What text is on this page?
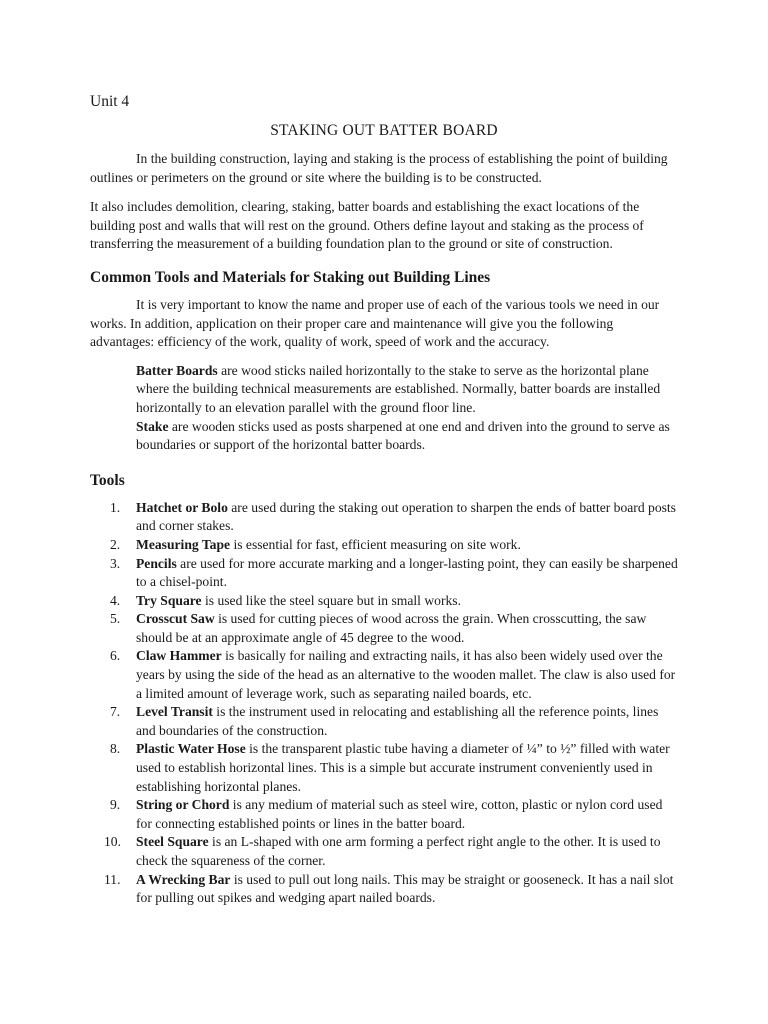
Unit 4
STAKING OUT BATTER BOARD

In the building construction, laying and staking is the process of establishing the point of building outlines or perimeters on the ground or site where the building is to be constructed.

It also includes demolition, clearing, staking, batter boards and establishing the exact locations of the building post and walls that will rest on the ground. Others define layout and staking as the process of transferring the measurement of a building foundation plan to the ground or site of construction.

Common Tools and Materials for Staking out Building Lines

It is very important to know the name and proper use of each of the various tools we need in our works. In addition, application on their proper care and maintenance will give you the following advantages: efficiency of the work, quality of work, speed of work and the accuracy.

Batter Boards are wood sticks nailed horizontally to the stake to serve as the horizontal plane where the building technical measurements are established. Normally, batter boards are installed horizontally to an elevation parallel with the ground floor line.

Stake are wooden sticks used as posts sharpened at one end and driven into the ground to serve as boundaries or support of the horizontal batter boards.

Tools
1. Hatchet or Bolo are used during the staking out operation to sharpen the ends of batter board posts and corner stakes.
2. Measuring Tape is essential for fast, efficient measuring on site work.
3. Pencils are used for more accurate marking and a longer-lasting point, they can easily be sharpened to a chisel-point.
4. Try Square is used like the steel square but in small works.
5. Crosscut Saw is used for cutting pieces of wood across the grain. When crosscutting, the saw should be at an approximate angle of 45 degree to the wood.
6. Claw Hammer is basically for nailing and extracting nails, it has also been widely used over the years by using the side of the head as an alternative to the wooden mallet. The claw is also used for a limited amount of leverage work, such as separating nailed boards, etc.
7. Level Transit is the instrument used in relocating and establishing all the reference points, lines and boundaries of the construction.
8. Plastic Water Hose is the transparent plastic tube having a diameter of ¼” to ½” filled with water used to establish horizontal lines. This is a simple but accurate instrument conveniently used in establishing horizontal planes.
9. String or Chord is any medium of material such as steel wire, cotton, plastic or nylon cord used for connecting established points or lines in the batter board.
10. Steel Square is an L-shaped with one arm forming a perfect right angle to the other. It is used to check the squareness of the corner.
11. A Wrecking Bar is used to pull out long nails. This may be straight or gooseneck. It has a nail slot for pulling out spikes and wedging apart nailed boards.
